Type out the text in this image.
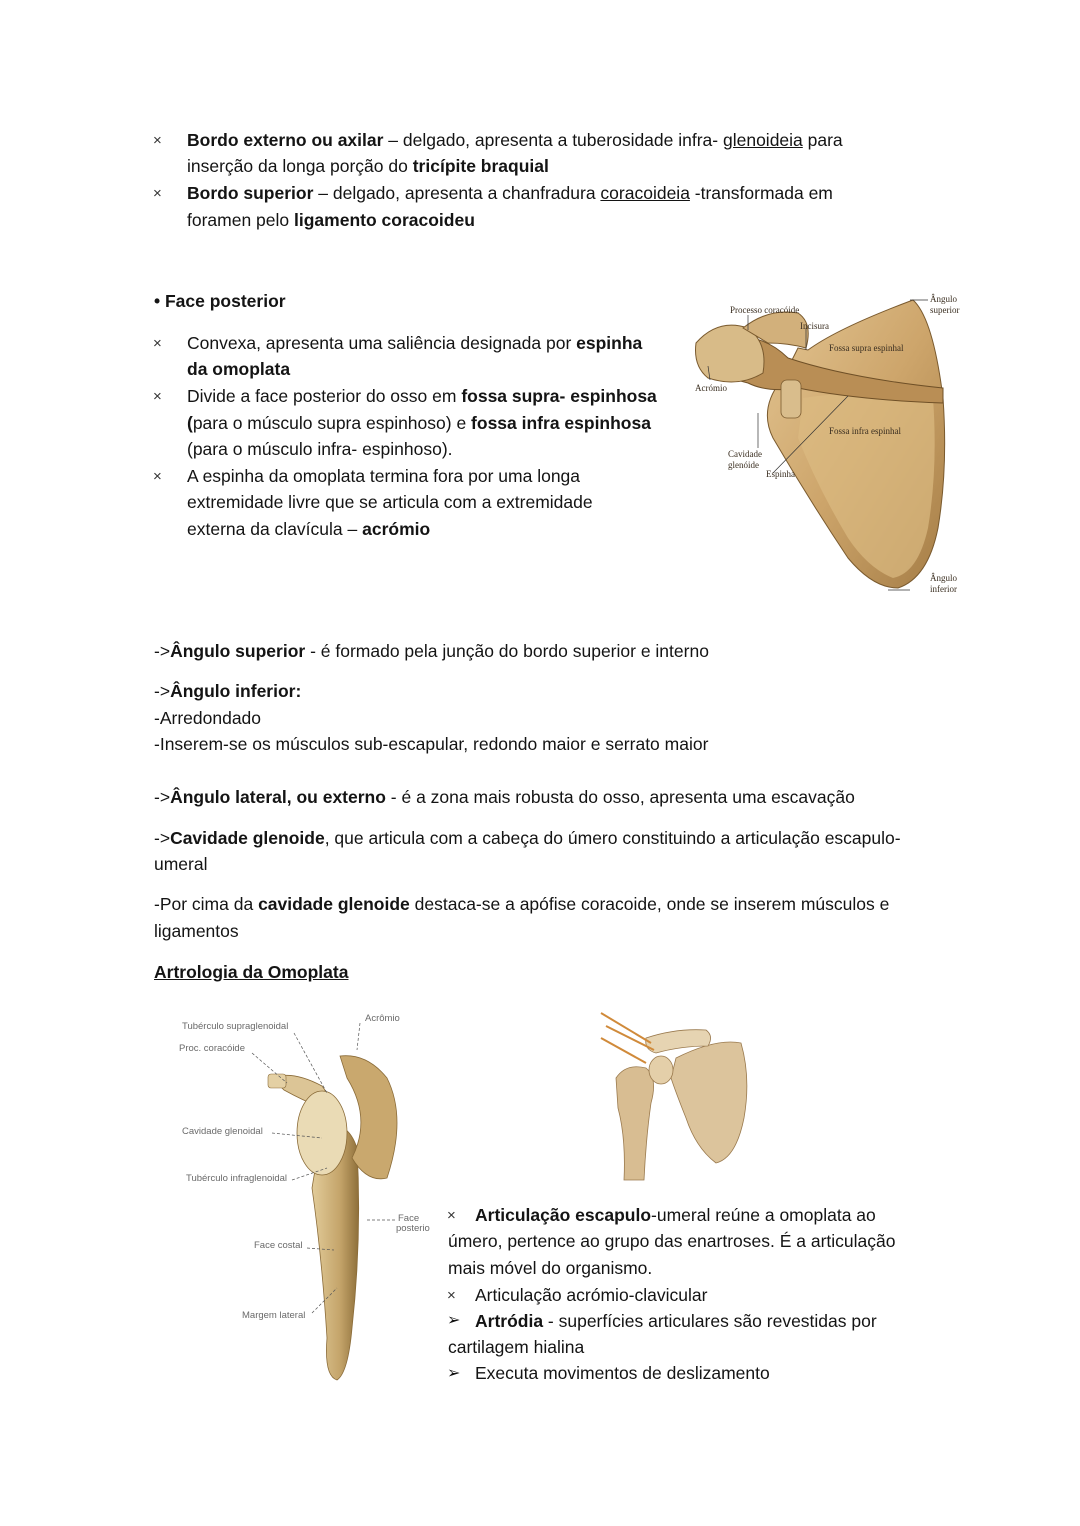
× Bordo externo ou axilar – delgado, apresenta a tuberosidade infra- glenoideia para
inserção da longa porção do tricípite braquial
× Bordo superior – delgado, apresenta a chanfradura coracoideia -transformada em
foramen pelo ligamento coracoideu
• Face posterior
× Convexa, apresenta uma saliência designada por espinha
da omoplata
× Divide a face posterior do osso em fossa supra- espinhosa
(para o músculo supra espinhoso) e fossa infra espinhosa
(para o músculo infra- espinhoso).
× A espinha da omoplata termina fora por uma longa
extremidade livre que se articula com a extremidade
externa da clavícula – acrómio
Processo coracóide
Incisura
Ângulo
superior
Fossa supra espinhal
Acrómio
Fossa infra espinhal
Cavidade
glenóide
Espinha
Ângulo
inferior
->Ângulo superior - é formado pela junção do bordo superior e interno
->Ângulo inferior:
-Arredondado
-Inserem-se os músculos sub-escapular, redondo maior e serrato maior
->Ângulo lateral, ou externo - é a zona mais robusta do osso, apresenta uma escavação
->Cavidade glenoide, que articula com a cabeça do úmero constituindo a articulação escapulo-
umeral
-Por cima da cavidade glenoide destaca-se a apófise coracoide, onde se inserem músculos e
ligamentos
Artrologia da Omoplata
Tubérculo supraglenoidal
Acrômio
Proc. coracóide
Cavidade glenoidal
Tubérculo infraglenoidal
Face
posterio
Face costal
Margem lateral
× Articulação escapulo-umeral reúne a omoplata ao
úmero, pertence ao grupo das enartroses. É a articulação
mais móvel do organismo.
× Articulação acrómio-clavicular
➢ Artródia - superfícies articulares são revestidas por
cartilagem hialina
➢ Executa movimentos de deslizamento
